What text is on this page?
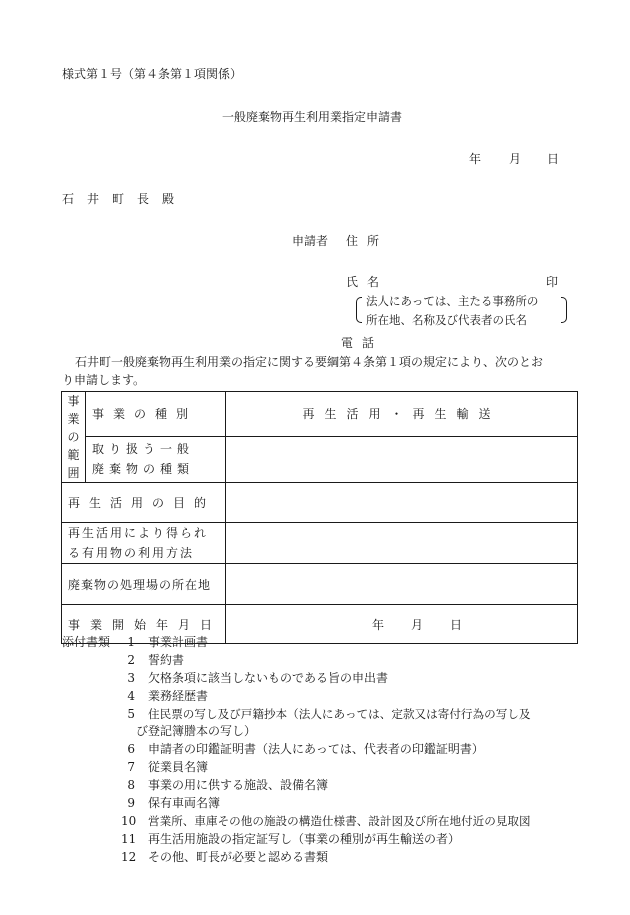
様式第１号（第４条第１項関係）
一般廃棄物再生利用業指定申請書
年 月 日
石井町長殿
申請者 住所
氏名	印
法人にあっては、主たる事務所の
所在地、名称及び代表者の氏名
電話
石井町一般廃棄物再生利用業の指定に関する要綱第４条第１項の規定により、次のとお
り申請します。
事
業
の
範
囲	事業の種別	再生活用・再生輸送

	取り扱う一般
廃棄物の種類	

再生活用の目的		

再生活用により得られ
る有用物の利用方法		

廃棄物の処理場の所在地		
事業開始年月日		年 月 日
添付書類	1 事業計画書
2 誓約書
3 欠格条項に該当しないものである旨の申出書
4 業務経歴書
5 住民票の写し及び戸籍抄本（法人にあっては、定款又は寄付行為の写し及
び登記簿謄本の写し）
6 申請者の印鑑証明書（法人にあっては、代表者の印鑑証明書）
7 従業員名簿
8 事業の用に供する施設、設備名簿
9 保有車両名簿
10 営業所、車庫その他の施設の構造仕様書、設計図及び所在地付近の見取図
11 再生活用施設の指定証写し（事業の種別が再生輸送の者）
12 その他、町長が必要と認める書類
